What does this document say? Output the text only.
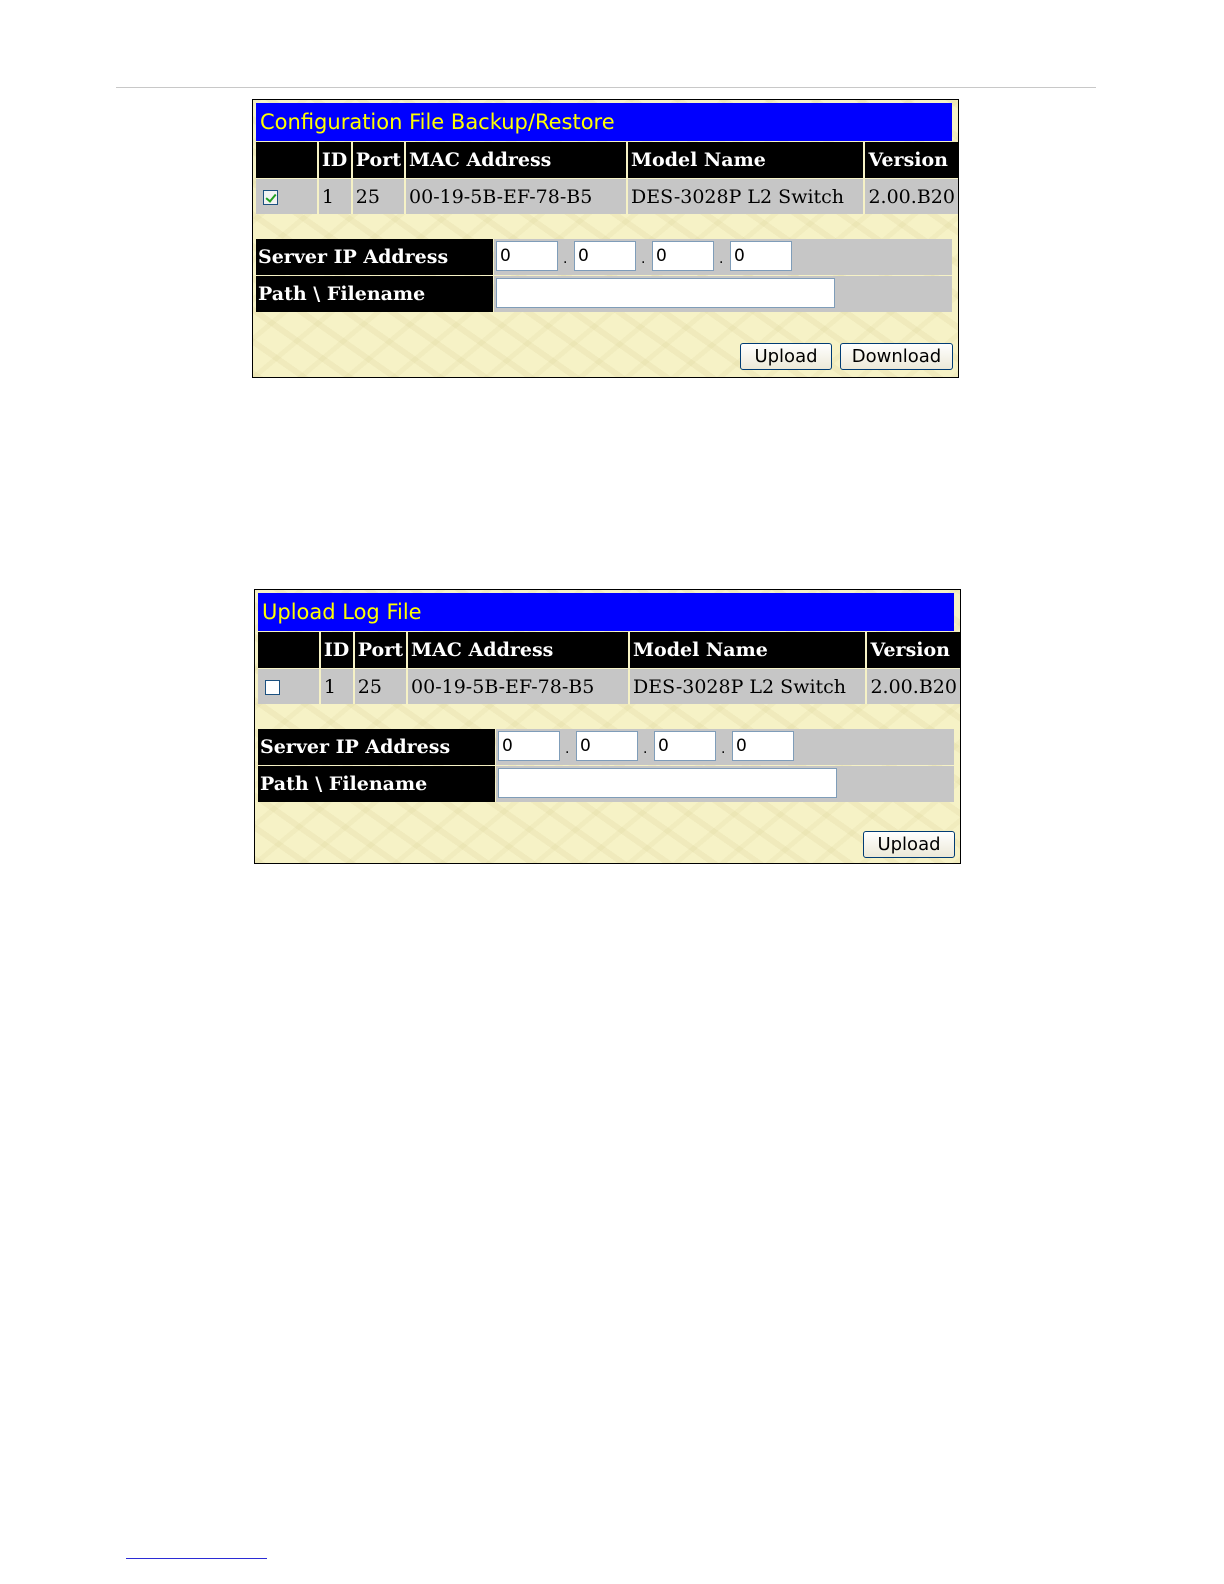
Configuration File Backup/Restore
	ID	Port	MAC Address	Model Name	Version

	1	25	00-19-5B-EF-78-B5	DES-3028P L2 Switch	2.00.B20
Server IP Address	0	. 0	. 0	. 0
Path \ Filename
Upload	Download
Upload Log File
	ID	Port	MAC Address	Model Name	Version
	1	25	00-19-5B-EF-78-B5	DES-3028P L2 Switch	2.00.B20
Server IP Address	0	. 0	. 0	. 0
Path \ Filename
Upload
